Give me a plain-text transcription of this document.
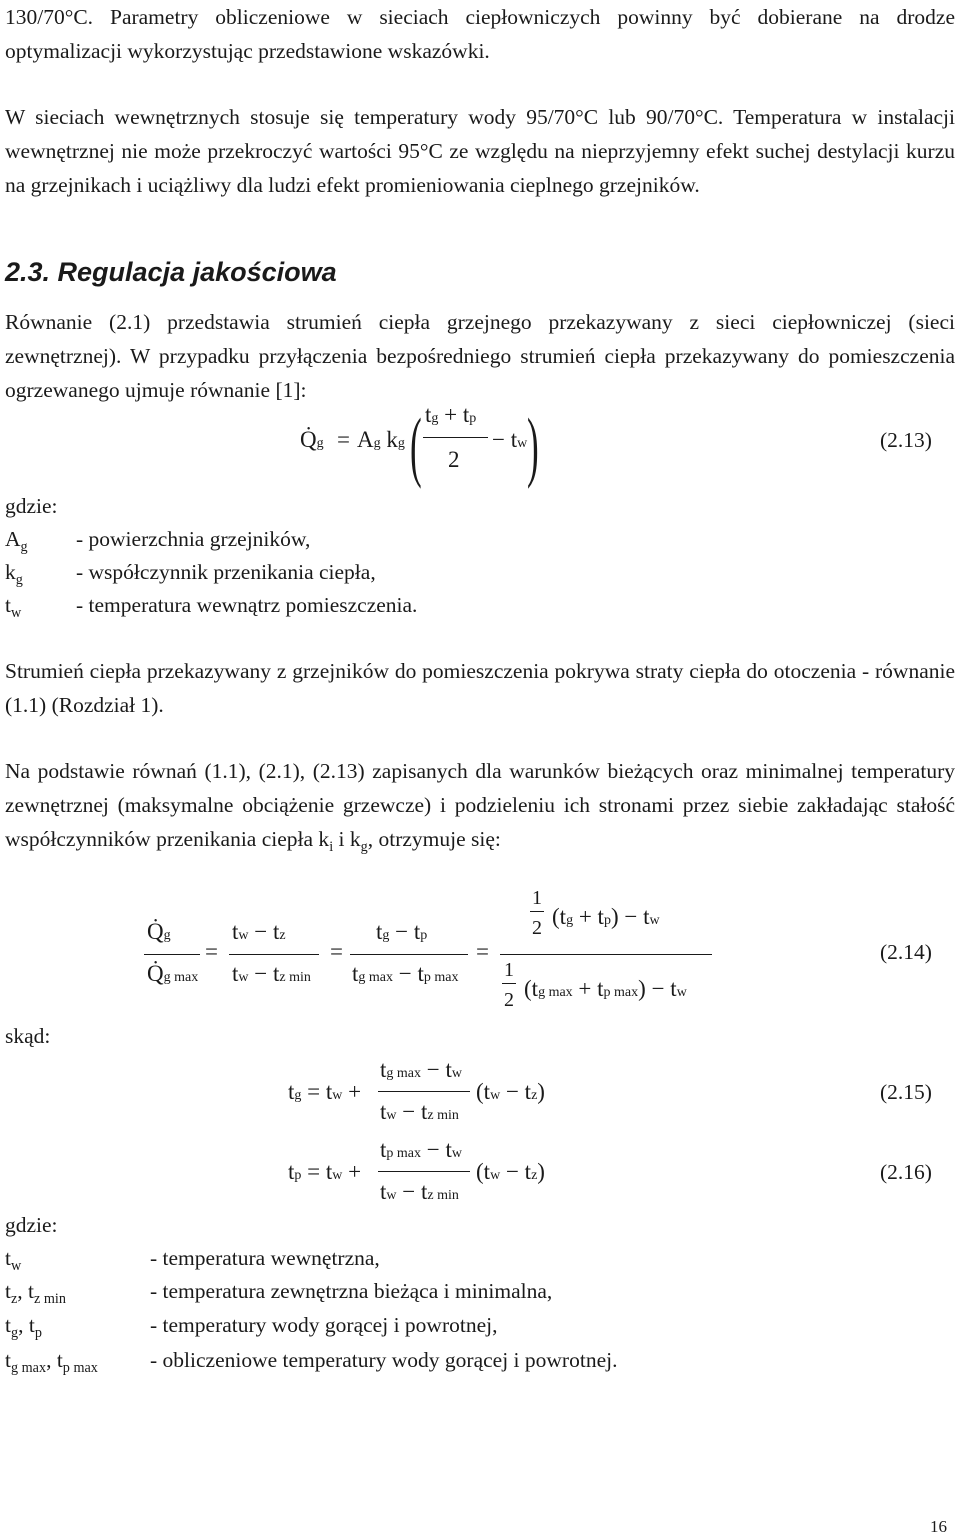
130/70°C. Parametry obliczeniowe w sieciach ciepłowniczych powinny być dobierane na drodze optymalizacji wykorzystując przedstawione wskazówki.

W sieciach wewnętrznych stosuje się temperatury wody 95/70°C lub 90/70°C. Temperatura w instalacji wewnętrznej nie może przekroczyć wartości 95°C ze względu na nieprzyjemny efekt suchej destylacji kurzu na grzejnikach i uciążliwy dla ludzi efekt promieniowania cieplnego grzejników.

2.3. Regulacja jakościowa

Równanie (2.1) przedstawia strumień ciepła grzejnego przekazywany z sieci ciepłowniczej (sieci zewnętrznej). W przypadku przyłączenia bezpośredniego strumień ciepła przekazywany do pomieszczenia ogrzewanego ujmuje równanie [1]:

Q̇g = Ag kg ( tg + tp
2
− tw )	(2.13)
gdzie:
$A_g$ - powierzchnia grzejników,
$k_g$ - współczynnik przenikania ciepła,
$t_w$	- temperatura wewnątrz pomieszczenia.

Strumień ciepła przekazywany z grzejników do pomieszczenia pokrywa straty ciepła do otoczenia - równanie (1.1) (Rozdział 1).

Na podstawie równań (1.1), (2.1), (2.13) zapisanych dla warunków bieżących oraz minimalnej temperatury zewnętrznej (maksymalne obciążenie grzewcze) i podzieleniu ich stronami przez siebie zakładając stałość współczynników przenikania ciepła $k_i$ i $k_g$, otrzymuje się:

Q̇g
Q̇g max
=
tw − tz
tw − tz min
=
tg − tp
tg max − tp max
=
1
2 (tg + tp) − tw
1
2 (tg max + tp max) − tw
(2.14)
skąd:
tg = tw +
tg max − tw
tw − tz min
(tw − tz)	(2.15)
tp = tw +
tp max − tw
tw − tz min
(tw − tz)	(2.16)
gdzie:
$t_w$	- temperatura wewnętrzna,
$t_z$, $t_{z min}$	- temperatura zewnętrzna bieżąca i minimalna,
$t_g$, $t_p$	- temperatury wody gorącej i powrotnej,
$t_{g max}$, $t_{p max}$ - obliczeniowe temperatury wody gorącej i powrotnej.
16
